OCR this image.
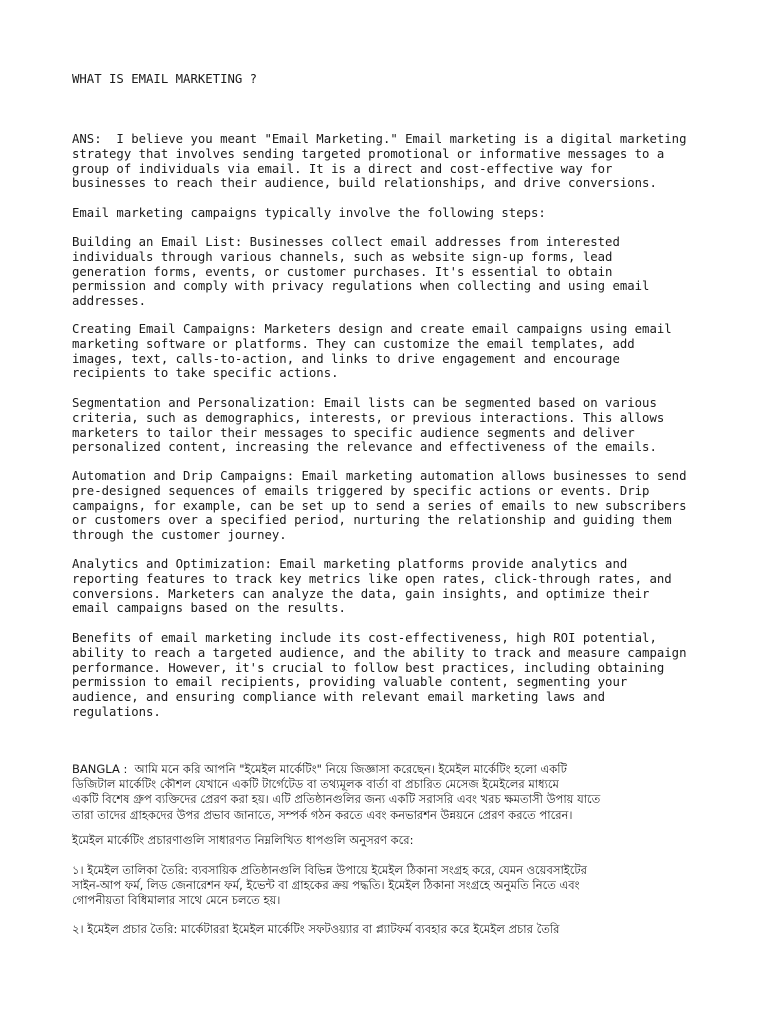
WHAT IS EMAIL MARKETING ?

ANS:  I believe you meant "Email Marketing." Email marketing is a digital marketing
strategy that involves sending targeted promotional or informative messages to a
group of individuals via email. It is a direct and cost-effective way for
businesses to reach their audience, build relationships, and drive conversions.

Email marketing campaigns typically involve the following steps:

Building an Email List: Businesses collect email addresses from interested
individuals through various channels, such as website sign-up forms, lead
generation forms, events, or customer purchases. It's essential to obtain
permission and comply with privacy regulations when collecting and using email
addresses.

Creating Email Campaigns: Marketers design and create email campaigns using email
marketing software or platforms. They can customize the email templates, add
images, text, calls-to-action, and links to drive engagement and encourage
recipients to take specific actions.

Segmentation and Personalization: Email lists can be segmented based on various
criteria, such as demographics, interests, or previous interactions. This allows
marketers to tailor their messages to specific audience segments and deliver
personalized content, increasing the relevance and effectiveness of the emails.

Automation and Drip Campaigns: Email marketing automation allows businesses to send
pre-designed sequences of emails triggered by specific actions or events. Drip
campaigns, for example, can be set up to send a series of emails to new subscribers
or customers over a specified period, nurturing the relationship and guiding them
through the customer journey.

Analytics and Optimization: Email marketing platforms provide analytics and
reporting features to track key metrics like open rates, click-through rates, and
conversions. Marketers can analyze the data, gain insights, and optimize their
email campaigns based on the results.

Benefits of email marketing include its cost-effectiveness, high ROI potential,
ability to reach a targeted audience, and the ability to track and measure campaign
performance. However, it's crucial to follow best practices, including obtaining
permission to email recipients, providing valuable content, segmenting your
audience, and ensuring compliance with relevant email marketing laws and
regulations.

BANGLA :  আমি মনে করি আপনি "ইমেইল মার্কেটিং" নিয়ে জিজ্ঞাসা করেছেন। ইমেইল মার্কেটিং হলো একটি
ডিজিটাল মার্কেটিং কৌশল যেখানে একটি টার্গেটেড বা তথ্যমূলক বার্তা বা প্রচারিত মেসেজ ইমেইলের মাধ্যমে
একটি বিশেষ গ্রুপ ব্যক্তিদের প্রেরণ করা হয়। এটি প্রতিষ্ঠানগুলির জন্য একটি সরাসরি এবং খরচ ক্ষমতাসী উপায় যাতে
তারা তাদের গ্রাহকদের উপর প্রভাব জানাতে, সম্পর্ক গঠন করতে এবং কনভারশন উন্নয়নে প্রেরণ করতে পারেন।

ইমেইল মার্কেটিং প্রচারণাগুলি সাধারণত নিম্নলিখিত ধাপগুলি অনুসরণ করে:

১। ইমেইল তালিকা তৈরি: ব্যবসায়িক প্রতিষ্ঠানগুলি বিভিন্ন উপায়ে ইমেইল ঠিকানা সংগ্রহ করে, যেমন ওয়েবসাইটের
সাইন-আপ ফর্ম, লিড জেনারেশন ফর্ম, ইভেন্ট বা গ্রাহকের ক্রয় পদ্ধতি। ইমেইল ঠিকানা সংগ্রহে অনুমতি নিতে এবং
গোপনীয়তা বিধিমালার সাথে মেনে চলতে হয়।

২। ইমেইল প্রচার তৈরি: মার্কেটাররা ইমেইল মার্কেটিং সফটওয়্যার বা প্ল্যাটফর্ম ব্যবহার করে ইমেইল প্রচার তৈরি
